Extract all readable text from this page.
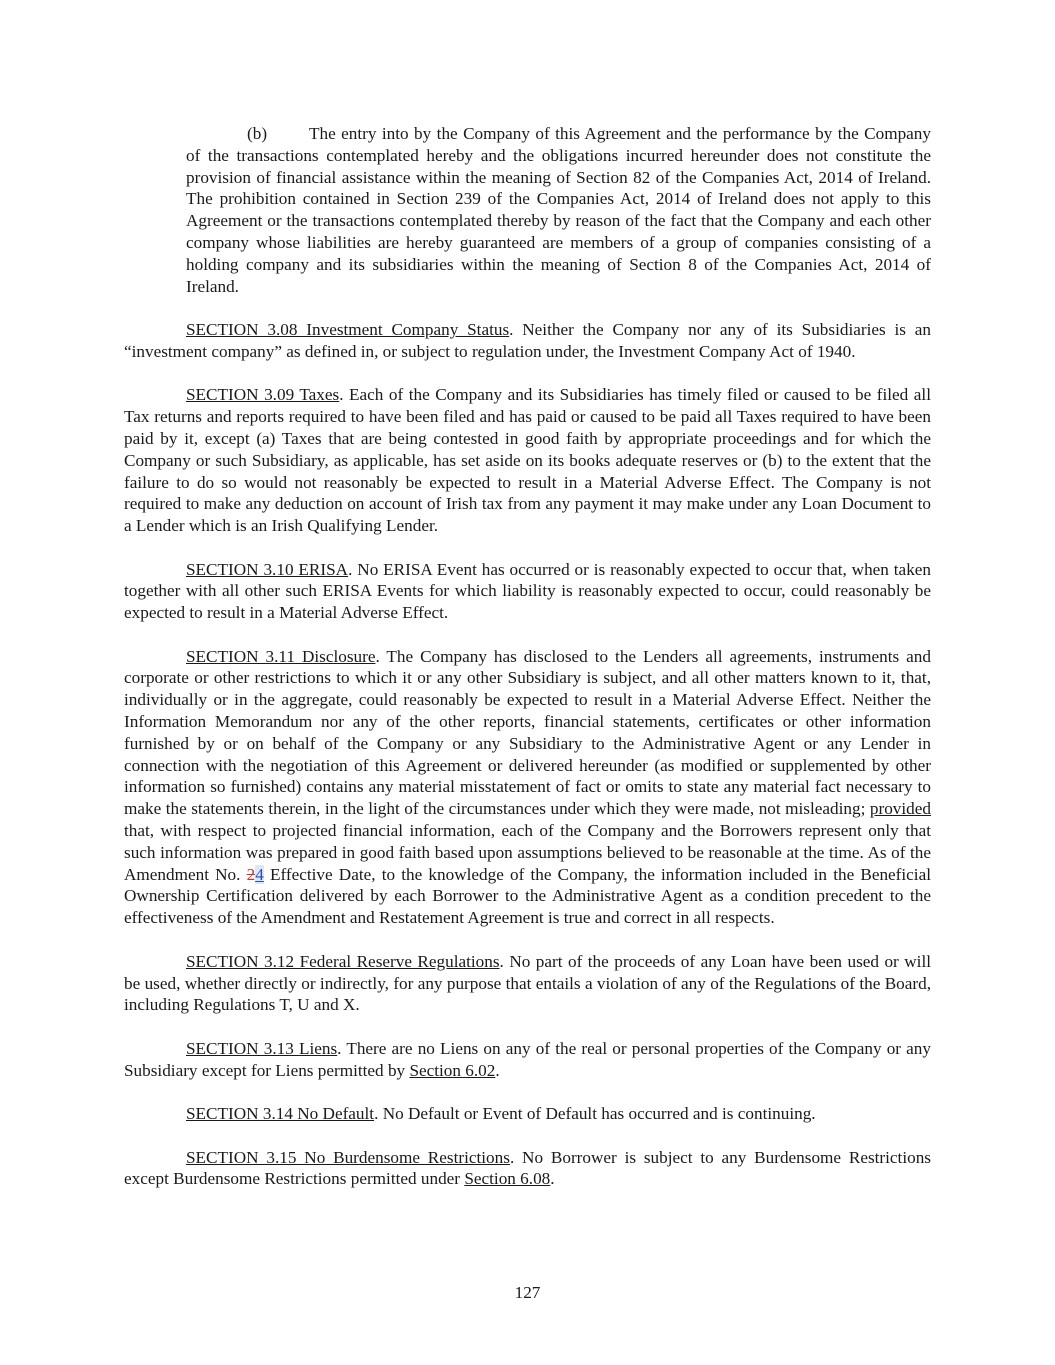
(b) The entry into by the Company of this Agreement and the performance by the Company of the transactions contemplated hereby and the obligations incurred hereunder does not constitute the provision of financial assistance within the meaning of Section 82 of the Companies Act, 2014 of Ireland. The prohibition contained in Section 239 of the Companies Act, 2014 of Ireland does not apply to this Agreement or the transactions contemplated thereby by reason of the fact that the Company and each other company whose liabilities are hereby guaranteed are members of a group of companies consisting of a holding company and its subsidiaries within the meaning of Section 8 of the Companies Act, 2014 of Ireland.

SECTION 3.08 Investment Company Status. Neither the Company nor any of its Subsidiaries is an “investment company” as defined in, or subject to regulation under, the Investment Company Act of 1940.

SECTION 3.09 Taxes. Each of the Company and its Subsidiaries has timely filed or caused to be filed all Tax returns and reports required to have been filed and has paid or caused to be paid all Taxes required to have been paid by it, except (a) Taxes that are being contested in good faith by appropriate proceedings and for which the Company or such Subsidiary, as applicable, has set aside on its books adequate reserves or (b) to the extent that the failure to do so would not reasonably be expected to result in a Material Adverse Effect. The Company is not required to make any deduction on account of Irish tax from any payment it may make under any Loan Document to a Lender which is an Irish Qualifying Lender.

SECTION 3.10 ERISA. No ERISA Event has occurred or is reasonably expected to occur that, when taken together with all other such ERISA Events for which liability is reasonably expected to occur, could reasonably be expected to result in a Material Adverse Effect.

SECTION 3.11 Disclosure. The Company has disclosed to the Lenders all agreements, instruments and corporate or other restrictions to which it or any other Subsidiary is subject, and all other matters known to it, that, individually or in the aggregate, could reasonably be expected to result in a Material Adverse Effect. Neither the Information Memorandum nor any of the other reports, financial statements, certificates or other information furnished by or on behalf of the Company or any Subsidiary to the Administrative Agent or any Lender in connection with the negotiation of this Agreement or delivered hereunder (as modified or supplemented by other information so furnished) contains any material misstatement of fact or omits to state any material fact necessary to make the statements therein, in the light of the circumstances under which they were made, not misleading; provided that, with respect to projected financial information, each of the Company and the Borrowers represent only that such information was prepared in good faith based upon assumptions believed to be reasonable at the time. As of the Amendment No. 24 Effective Date, to the knowledge of the Company, the information included in the Beneficial Ownership Certification delivered by each Borrower to the Administrative Agent as a condition precedent to the effectiveness of the Amendment and Restatement Agreement is true and correct in all respects.

SECTION 3.12 Federal Reserve Regulations. No part of the proceeds of any Loan have been used or will be used, whether directly or indirectly, for any purpose that entails a violation of any of the Regulations of the Board, including Regulations T, U and X.

SECTION 3.13 Liens. There are no Liens on any of the real or personal properties of the Company or any Subsidiary except for Liens permitted by Section 6.02.

SECTION 3.14 No Default. No Default or Event of Default has occurred and is continuing.

SECTION 3.15 No Burdensome Restrictions. No Borrower is subject to any Burdensome Restrictions except Burdensome Restrictions permitted under Section 6.08.

127
